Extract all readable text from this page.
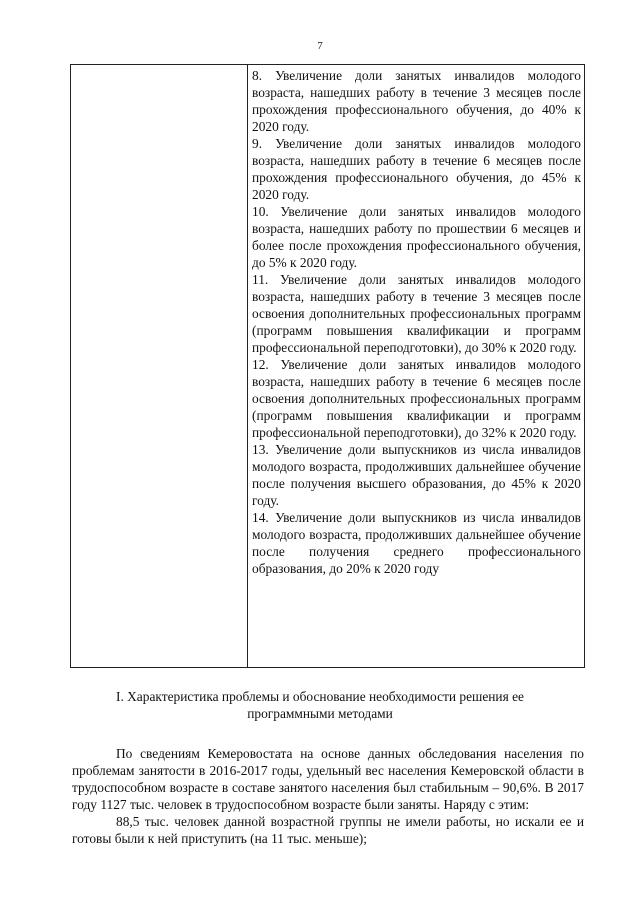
7
8. Увеличение доли занятых инвалидов молодого возраста, нашедших работу в течение 3 месяцев после прохождения профессионального обучения, до 40% к 2020 году.
9. Увеличение доли занятых инвалидов молодого возраста, нашедших работу в течение 6 месяцев после прохождения профессионального обучения, до 45% к 2020 году.
10. Увеличение доли занятых инвалидов молодого возраста, нашедших работу по прошествии 6 месяцев и более после прохождения профессионального обучения, до 5% к 2020 году.
11. Увеличение доли занятых инвалидов молодого возраста, нашедших работу в течение 3 месяцев после освоения дополнительных профессиональных программ (программ повышения квалификации и программ профессиональной переподготовки), до 30% к 2020 году.
12. Увеличение доли занятых инвалидов молодого возраста, нашедших работу в течение 6 месяцев после освоения дополнительных профессиональных программ (программ повышения квалификации и программ профессиональной переподготовки), до 32% к 2020 году.
13. Увеличение доли выпускников из числа инвалидов молодого возраста, продолживших дальнейшее обучение после получения высшего образования, до 45% к 2020 году.
14. Увеличение доли выпускников из числа инвалидов молодого возраста, продолживших дальнейшее обучение после получения среднего профессионального образования, до 20% к 2020 году
I. Характеристика проблемы и обоснование необходимости решения ее программными методами

По сведениям Кемеровостата на основе данных обследования населения по проблемам занятости в 2016-2017 годы, удельный вес населения Кемеровской области в трудоспособном возрасте в составе занятого населения был стабильным – 90,6%. В 2017 году 1127 тыс. человек в трудоспособном возрасте были заняты. Наряду с этим:

88,5 тыс. человек данной возрастной группы не имели работы, но искали ее и готовы были к ней приступить (на 11 тыс. меньше);
